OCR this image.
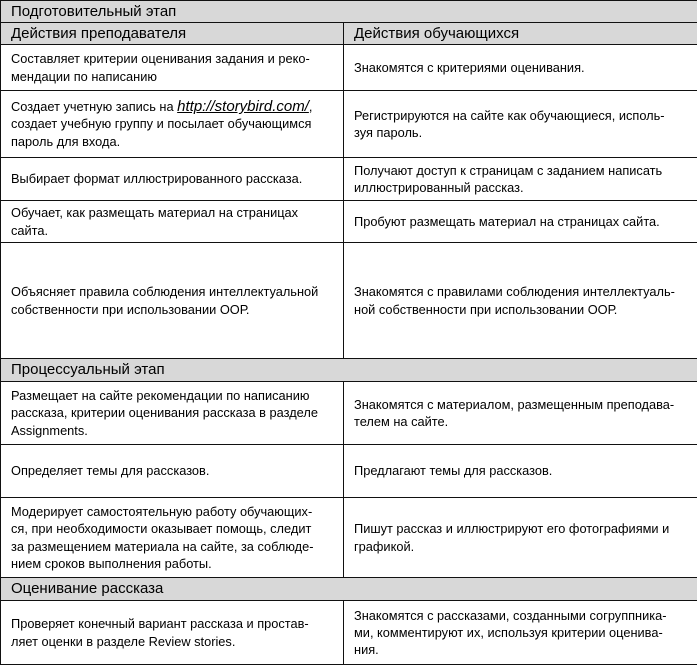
Подготовительный этап	
Действия преподавателя	Действия обучающихся
Составляет критерии оценивания задания и реко-
мендации по написанию	Знакомятся с критериями оценивания.
Создает учетную запись на http://storybird.com/,
создает учебную группу и посылает обучающимся
пароль для входа.	Регистрируются на сайте как обучающиеся, исполь-
зуя пароль.
Выбирает формат иллюстрированного рассказа.	Получают доступ к страницам с заданием написать
иллюстрированный рассказ.
Обучает, как размещать материал на страницах
сайта.	Пробуют размещать материал на страницах сайта.
Объясняет правила соблюдения интеллектуальной
собственности при использовании ООР.	Знакомятся с правилами соблюдения интеллектуаль-
ной собственности при использовании ООР.
Процессуальный этап	
Размещает на сайте рекомендации по написанию
рассказа, критерии оценивания рассказа в разделе
Assignments.	Знакомятся с материалом, размещенным преподава-
телем на сайте.
Определяет темы для рассказов.	Предлагают темы для рассказов.
Модерирует самостоятельную работу обучающих-
ся, при необходимости оказывает помощь, следит
за размещением материала на сайте, за соблюде-
нием сроков выполнения работы.	Пишут рассказ и иллюстрируют его фотографиями и
графикой.
Оценивание рассказа	
Проверяет конечный вариант рассказа и простав-
ляет оценки в разделе Review stories.	Знакомятся с рассказами, созданными согруппника-
ми, комментируют их, используя критерии оценива-
ния.
